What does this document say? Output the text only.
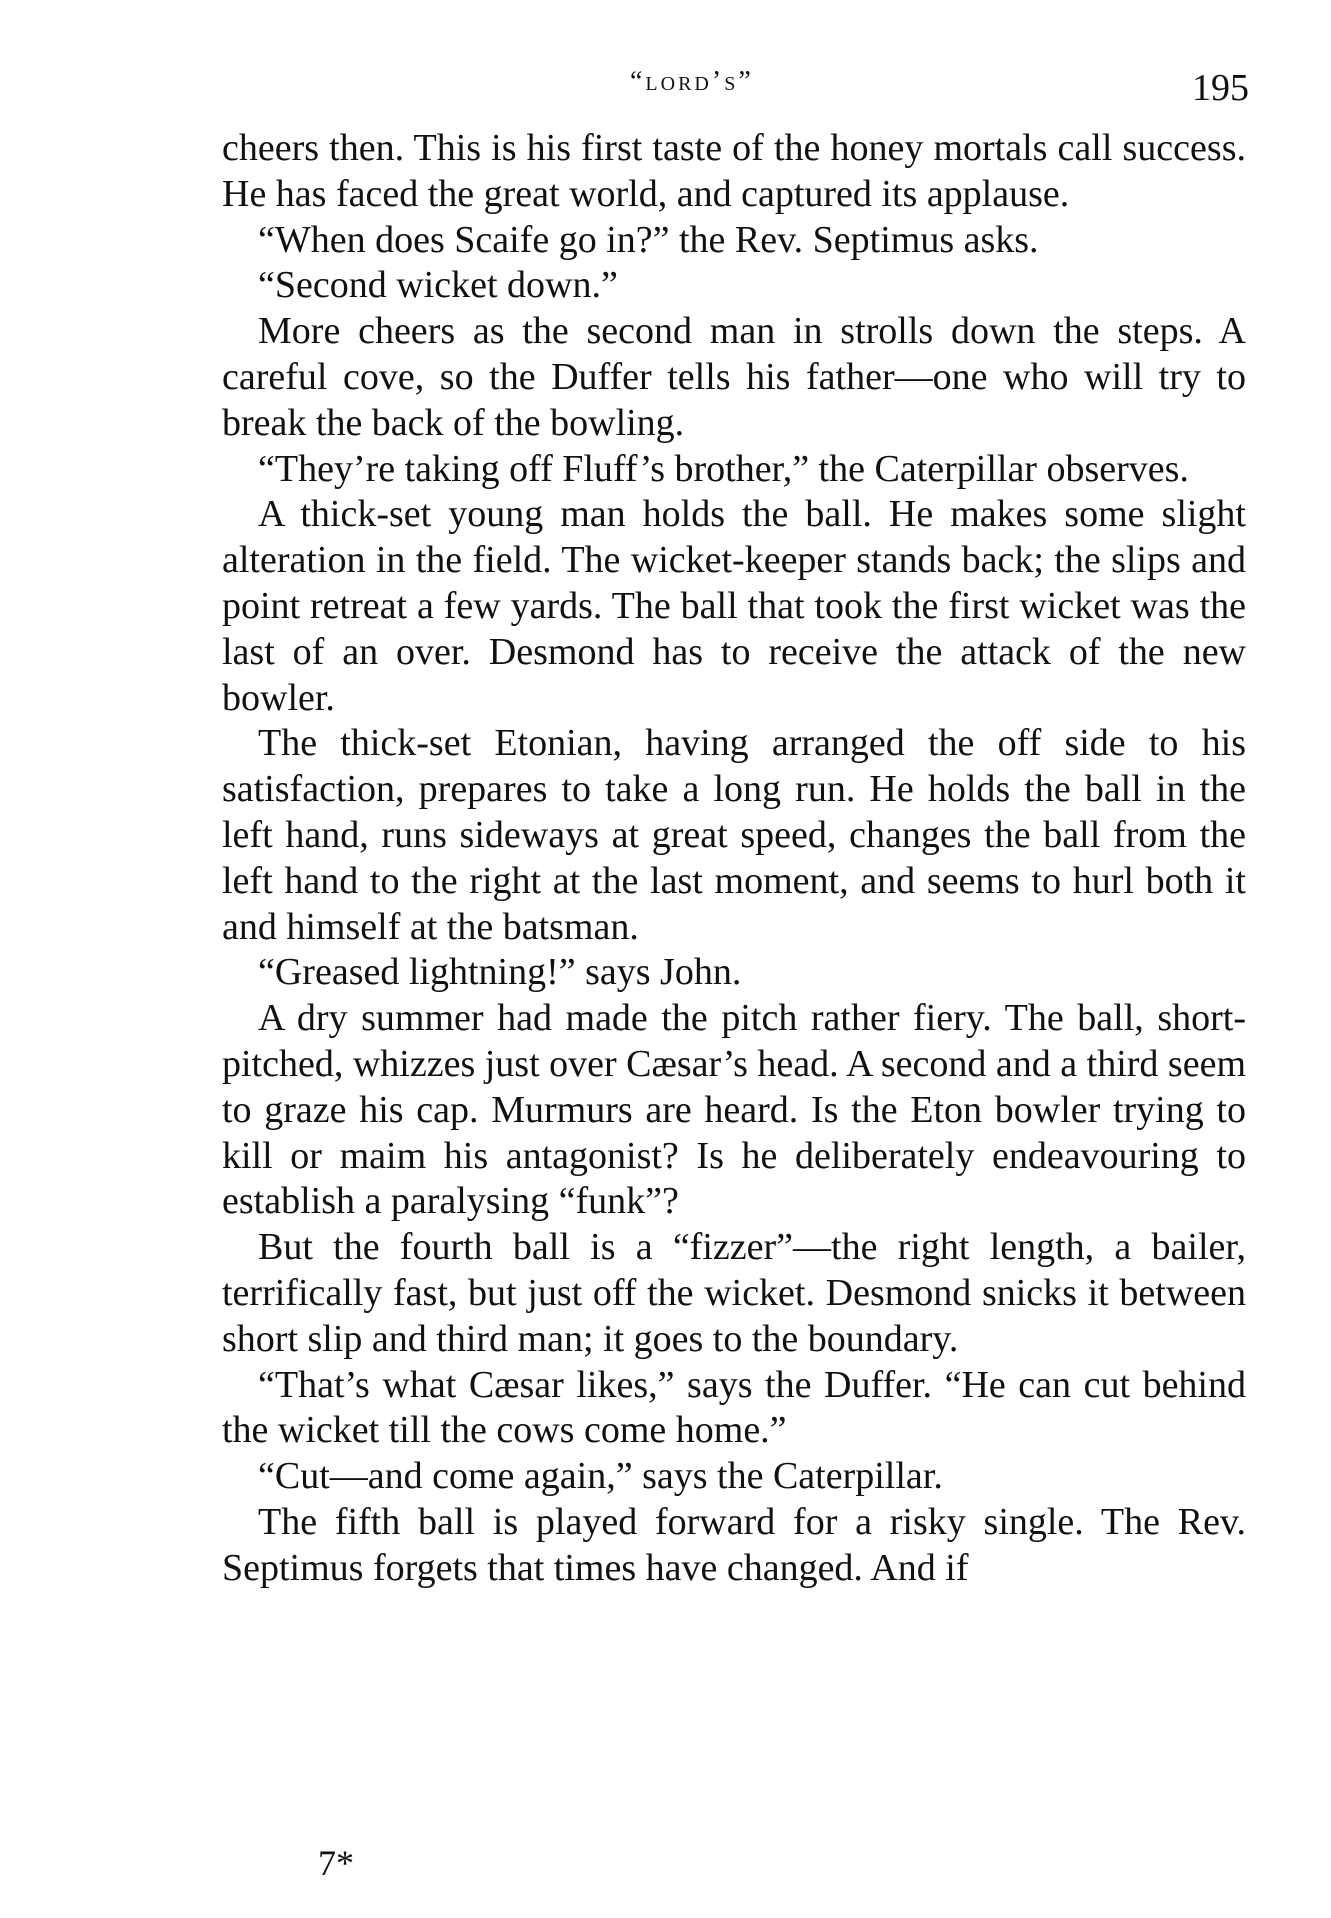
“lord’s”	195

cheers then. This is his first taste of the honey mortals call success. He has faced the great world, and captured its applause.

“When does Scaife go in?” the Rev. Septimus asks.

“Second wicket down.”

More cheers as the second man in strolls down the steps. A careful cove, so the Duffer tells his father—one who will try to break the back of the bowling.

“They’re taking off Fluff’s brother,” the Caterpillar observes.

A thick-set young man holds the ball. He makes some slight alteration in the field. The wicket-keeper stands back; the slips and point retreat a few yards. The ball that took the first wicket was the last of an over. Desmond has to receive the attack of the new bowler.

The thick-set Etonian, having arranged the off side to his satisfaction, prepares to take a long run. He holds the ball in the left hand, runs sideways at great speed, changes the ball from the left hand to the right at the last moment, and seems to hurl both it and himself at the batsman.

“Greased lightning!” says John.

A dry summer had made the pitch rather fiery. The ball, short-pitched, whizzes just over Cæsar’s head. A second and a third seem to graze his cap. Murmurs are heard. Is the Eton bowler trying to kill or maim his antagonist? Is he deliberately endeavouring to establish a paralysing “funk”?

But the fourth ball is a “fizzer”—the right length, a bailer, terrifically fast, but just off the wicket. Desmond snicks it between short slip and third man; it goes to the boundary.

“That’s what Cæsar likes,” says the Duffer. “He can cut behind the wicket till the cows come home.”

“Cut—and come again,” says the Caterpillar.

The fifth ball is played forward for a risky single. The Rev. Septimus forgets that times have changed. And if

7*
